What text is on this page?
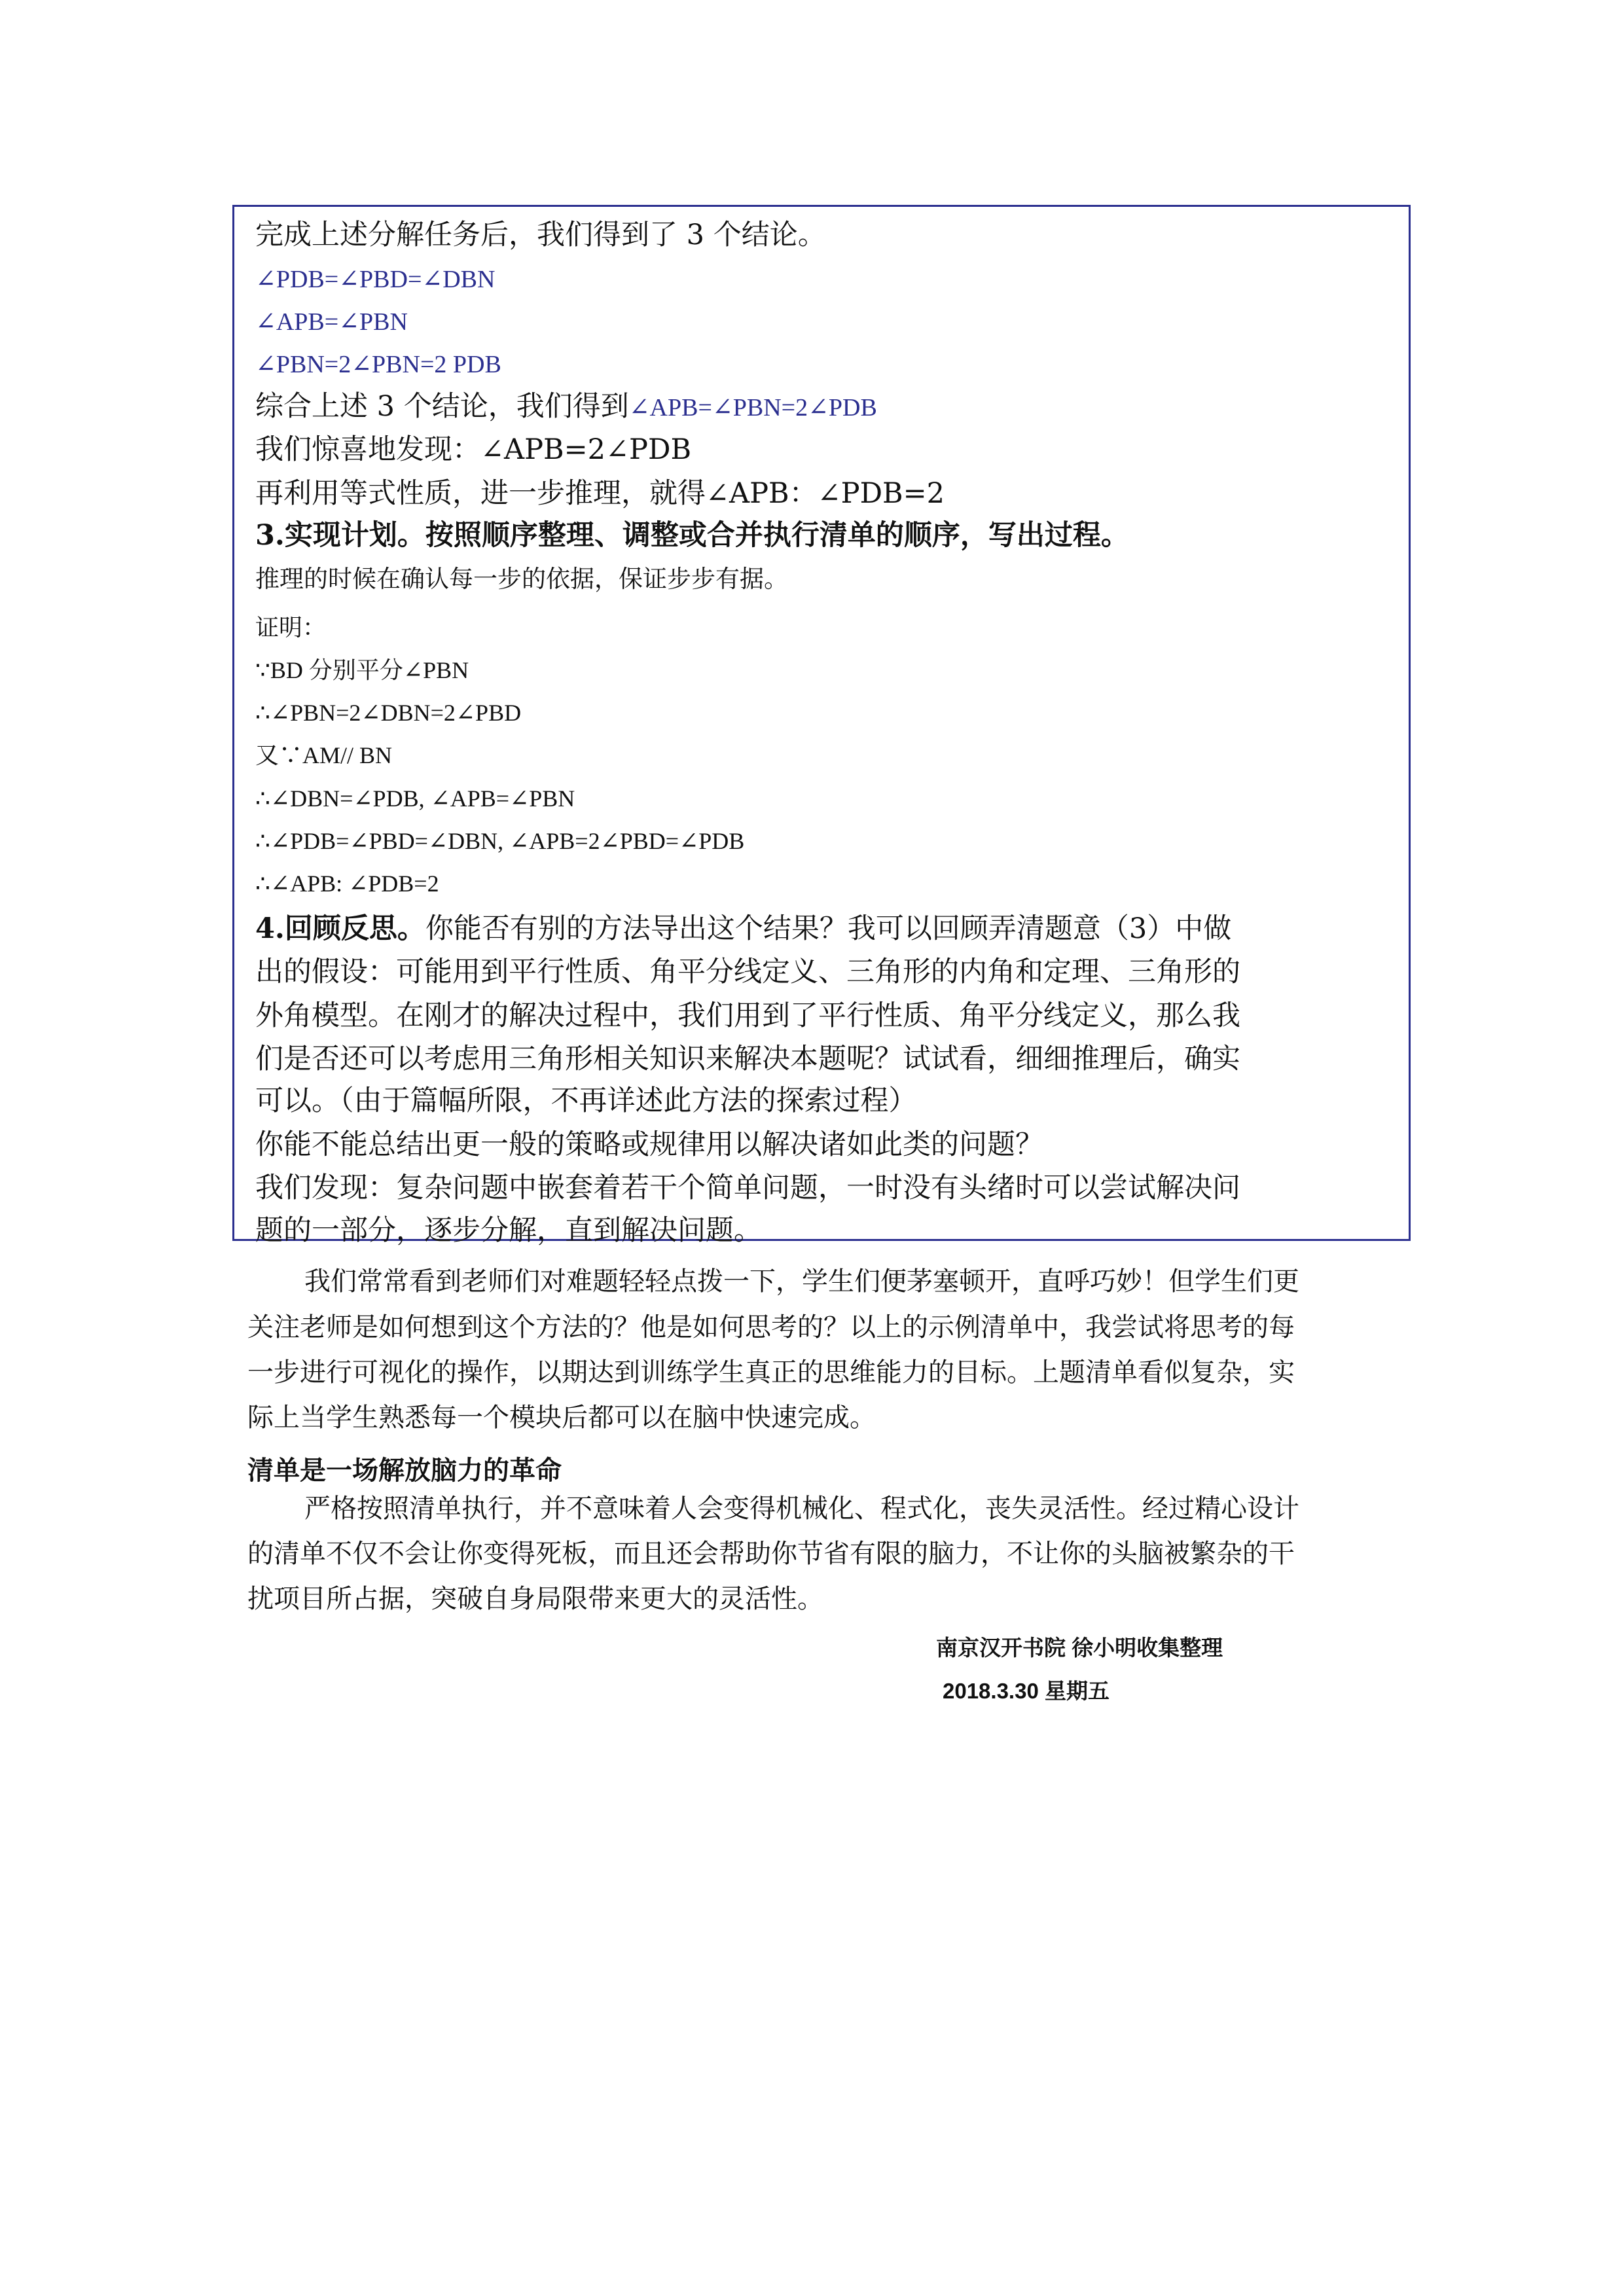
完成上述分解任务后，我们得到了 3 个结论。
∠PDB=∠PBD=∠DBN
∠APB=∠PBN
∠PBN=2∠PBN=2 PDB
综合上述 3 个结论，我们得到∠APB=∠PBN=2∠PDB
我们惊喜地发现：∠APB=2∠PDB
再利用等式性质，进一步推理，就得∠APB：∠PDB=2
3.实现计划。按照顺序整理、调整或合并执行清单的顺序，写出过程。
推理的时候在确认每一步的依据，保证步步有据。
证明：
∵BD 分别平分∠PBN
∴∠PBN=2∠DBN=2∠PBD
又∵AM// BN
∴∠DBN=∠PDB, ∠APB=∠PBN
∴∠PDB=∠PBD=∠DBN, ∠APB=2∠PBD=∠PDB
∴∠APB: ∠PDB=2
4.回顾反思。你能否有别的方法导出这个结果？我可以回顾弄清题意（3）中做
出的假设：可能用到平行性质、角平分线定义、三角形的内角和定理、三角形的
外角模型。在刚才的解决过程中，我们用到了平行性质、角平分线定义，那么我
们是否还可以考虑用三角形相关知识来解决本题呢？试试看，细细推理后，确实
可以。（由于篇幅所限，不再详述此方法的探索过程）
你能不能总结出更一般的策略或规律用以解决诸如此类的问题？
我们发现：复杂问题中嵌套着若干个简单问题，一时没有头绪时可以尝试解决问
题的一部分，逐步分解，直到解决问题。
我们常常看到老师们对难题轻轻点拨一下，学生们便茅塞顿开，直呼巧妙！但学生们更
关注老师是如何想到这个方法的？他是如何思考的？以上的示例清单中，我尝试将思考的每
一步进行可视化的操作，以期达到训练学生真正的思维能力的目标。上题清单看似复杂，实
际上当学生熟悉每一个模块后都可以在脑中快速完成。
清单是一场解放脑力的革命
严格按照清单执行，并不意味着人会变得机械化、程式化，丧失灵活性。经过精心设计
的清单不仅不会让你变得死板，而且还会帮助你节省有限的脑力，不让你的头脑被繁杂的干
扰项目所占据，突破自身局限带来更大的灵活性。
南京汉开书院 徐小明收集整理
2018.3.30 星期五
